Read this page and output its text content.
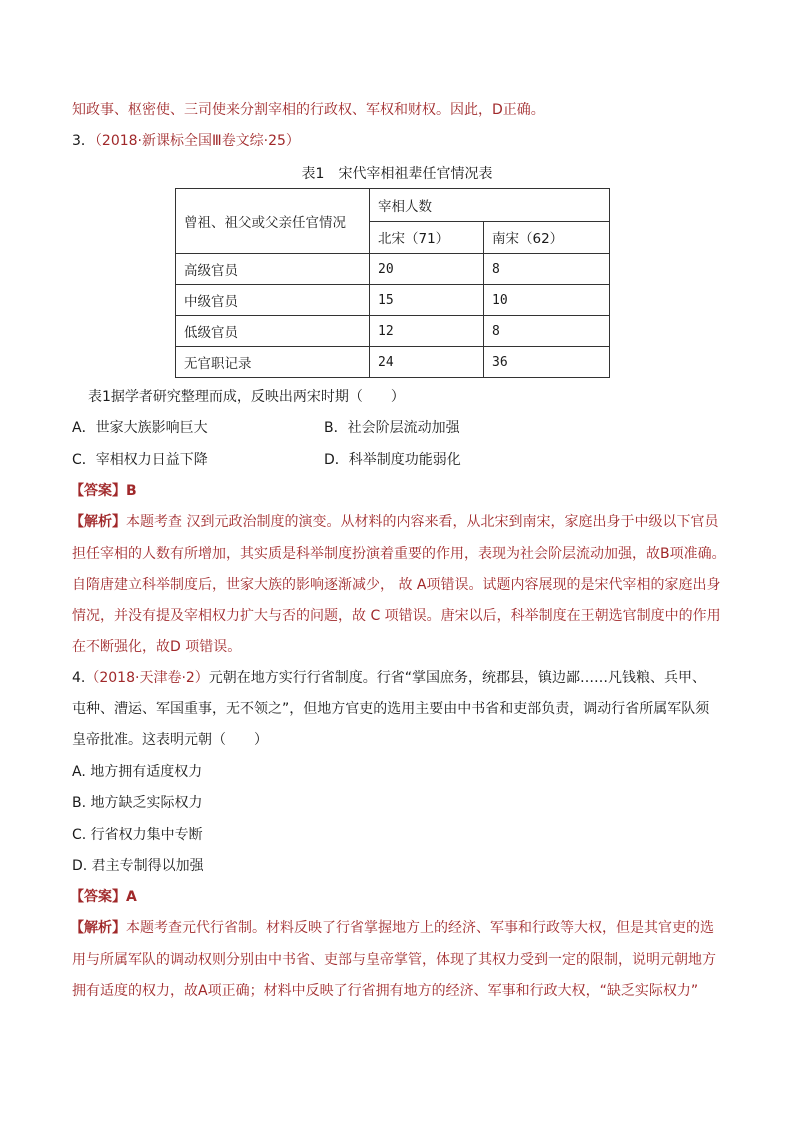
知政事、枢密使、三司使来分割宰相的行政权、军权和财权。因此，D正确。
3．（2018·新课标全国Ⅲ卷文综·25）
表1　宋代宰相祖辈任官情况表
曾祖、祖父或父亲任官情况	宰相人数	
	北宋（71）	南宋（62）
高级官员	20	8
中级官员	15	10
低级官员	12	8
无官职记录	24	36
表1据学者研究整理而成，反映出两宋时期（　　）
A．世家大族影响巨大	B．社会阶层流动加强
C．宰相权力日益下降	D．科举制度功能弱化
【答案】B
【解析】本题考查 汉到元政治制度的演变。从材料的内容来看，从北宋到南宋，家庭出身于中级以下官员
担任宰相的人数有所增加，其实质是科举制度扮演着重要的作用，表现为社会阶层流动加强，故B项准确。
自隋唐建立科举制度后，世家大族的影响逐渐减少， 故 A项错误。试题内容展现的是宋代宰相的家庭出身
情况，并没有提及宰相权力扩大与否的问题，故 C 项错误。唐宋以后，科举制度在王朝选官制度中的作用
在不断强化，故D 项错误。
4.（2018·天津卷·2）元朝在地方实行行省制度。行省“掌国庶务，统郡县，镇边鄙……凡钱粮、兵甲、
屯种、漕运、军国重事，无不领之”，但地方官吏的选用主要由中书省和吏部负责，调动行省所属军队须
皇帝批准。这表明元朝（　　）
A. 地方拥有适度权力
B. 地方缺乏实际权力
C. 行省权力集中专断
D. 君主专制得以加强
【答案】A
【解析】本题考查元代行省制。材料反映了行省掌握地方上的经济、军事和行政等大权，但是其官吏的选
用与所属军队的调动权则分别由中书省、吏部与皇帝掌管，体现了其权力受到一定的限制，说明元朝地方
拥有适度的权力，故A项正确；材料中反映了行省拥有地方的经济、军事和行政大权，“缺乏实际权力”
